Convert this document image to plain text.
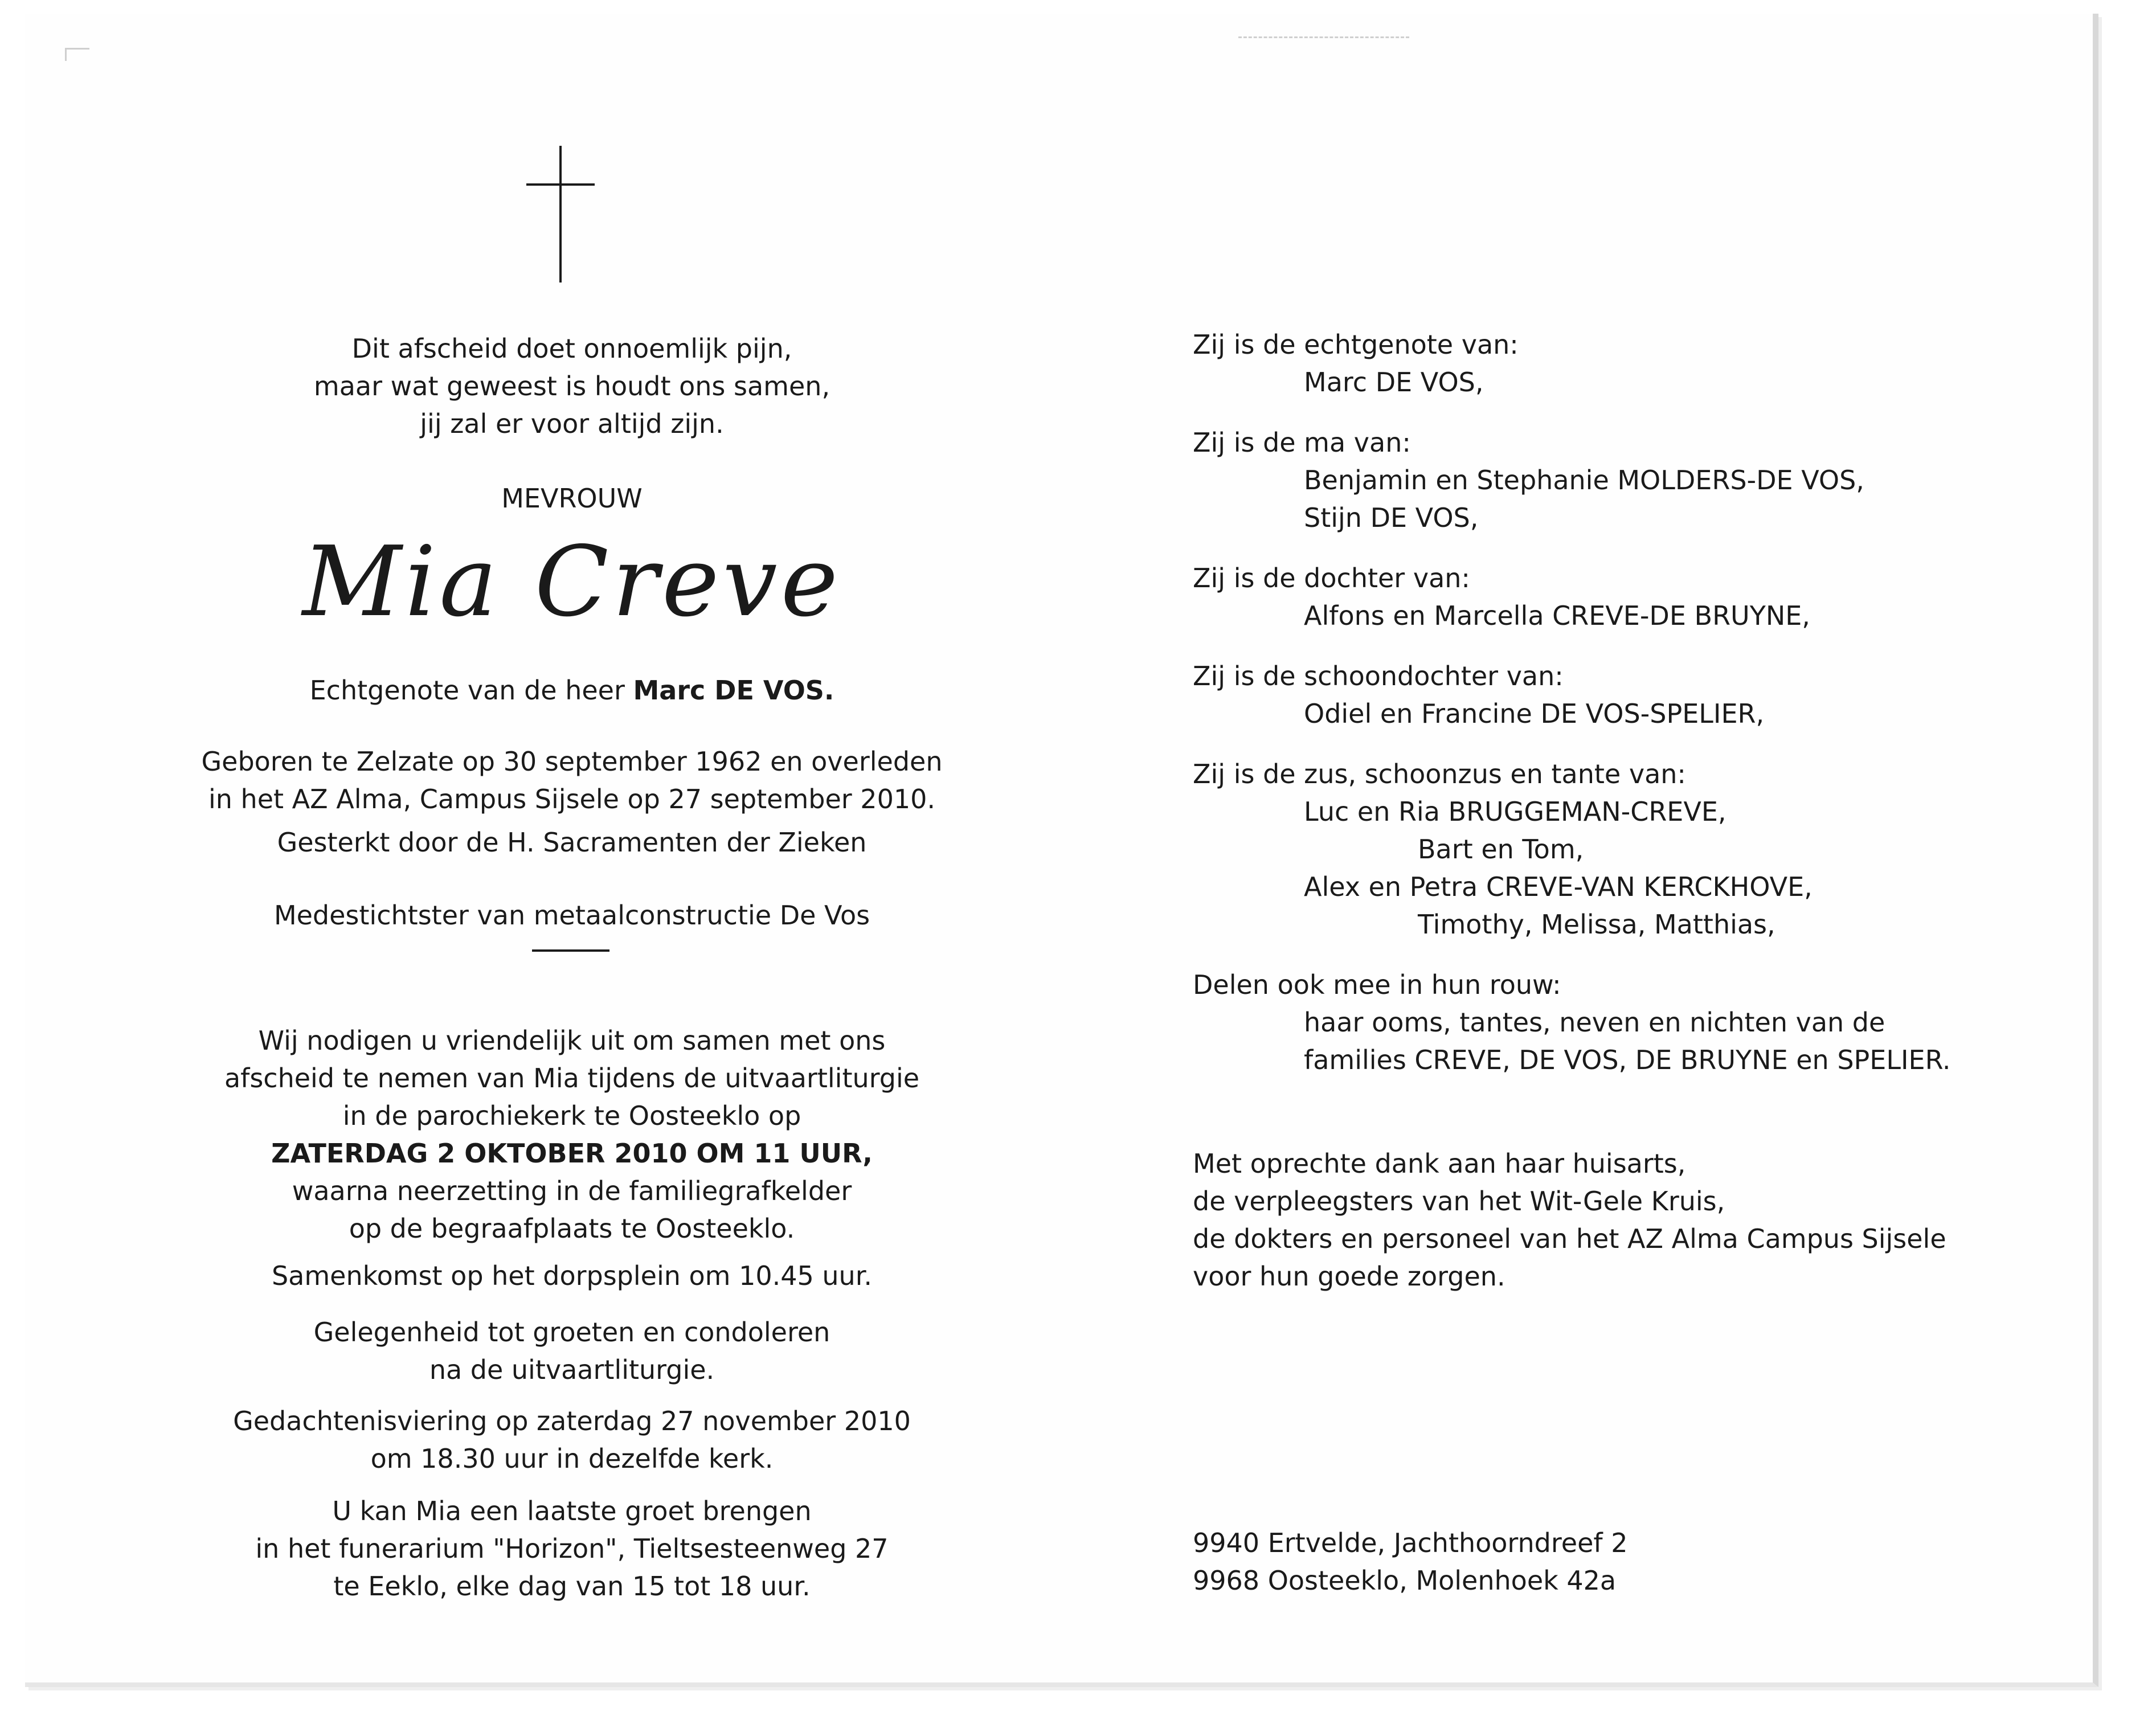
Dit afscheid doet onnoemlijk pijn,
maar wat geweest is houdt ons samen,
jij zal er voor altijd zijn.
MEVROUW
Mia Creve
Echtgenote van de heer Marc DE VOS.
Geboren te Zelzate op 30 september 1962 en overleden
in het AZ Alma, Campus Sijsele op 27 september 2010.
Gesterkt door de H. Sacramenten der Zieken
Medestichtster van metaalconstructie De Vos
Wij nodigen u vriendelijk uit om samen met ons
afscheid te nemen van Mia tijdens de uitvaartliturgie
in de parochiekerk te Oosteeklo op
ZATERDAG 2 OKTOBER 2010 OM 11 UUR,
waarna neerzetting in de familiegrafkelder
op de begraafplaats te Oosteeklo.
Samenkomst op het dorpsplein om 10.45 uur.
Gelegenheid tot groeten en condoleren
na de uitvaartliturgie.
Gedachtenisviering op zaterdag 27 november 2010
om 18.30 uur in dezelfde kerk.
U kan Mia een laatste groet brengen
in het funerarium "Horizon", Tieltsesteenweg 27
te Eeklo, elke dag van 15 tot 18 uur.
Zij is de echtgenote van:
Marc DE VOS,
Zij is de ma van:
Benjamin en Stephanie MOLDERS-DE VOS,
Stijn DE VOS,
Zij is de dochter van:
Alfons en Marcella CREVE-DE BRUYNE,
Zij is de schoondochter van:
Odiel en Francine DE VOS-SPELIER,
Zij is de zus, schoonzus en tante van:
Luc en Ria BRUGGEMAN-CREVE,
Bart en Tom,
Alex en Petra CREVE-VAN KERCKHOVE,
Timothy, Melissa, Matthias,
Delen ook mee in hun rouw:
haar ooms, tantes, neven en nichten van de
families CREVE, DE VOS, DE BRUYNE en SPELIER.
Met oprechte dank aan haar huisarts,
de verpleegsters van het Wit-Gele Kruis,
de dokters en personeel van het AZ Alma Campus Sijsele
voor hun goede zorgen.
9940 Ertvelde, Jachthoorndreef 2
9968 Oosteeklo, Molenhoek 42a
